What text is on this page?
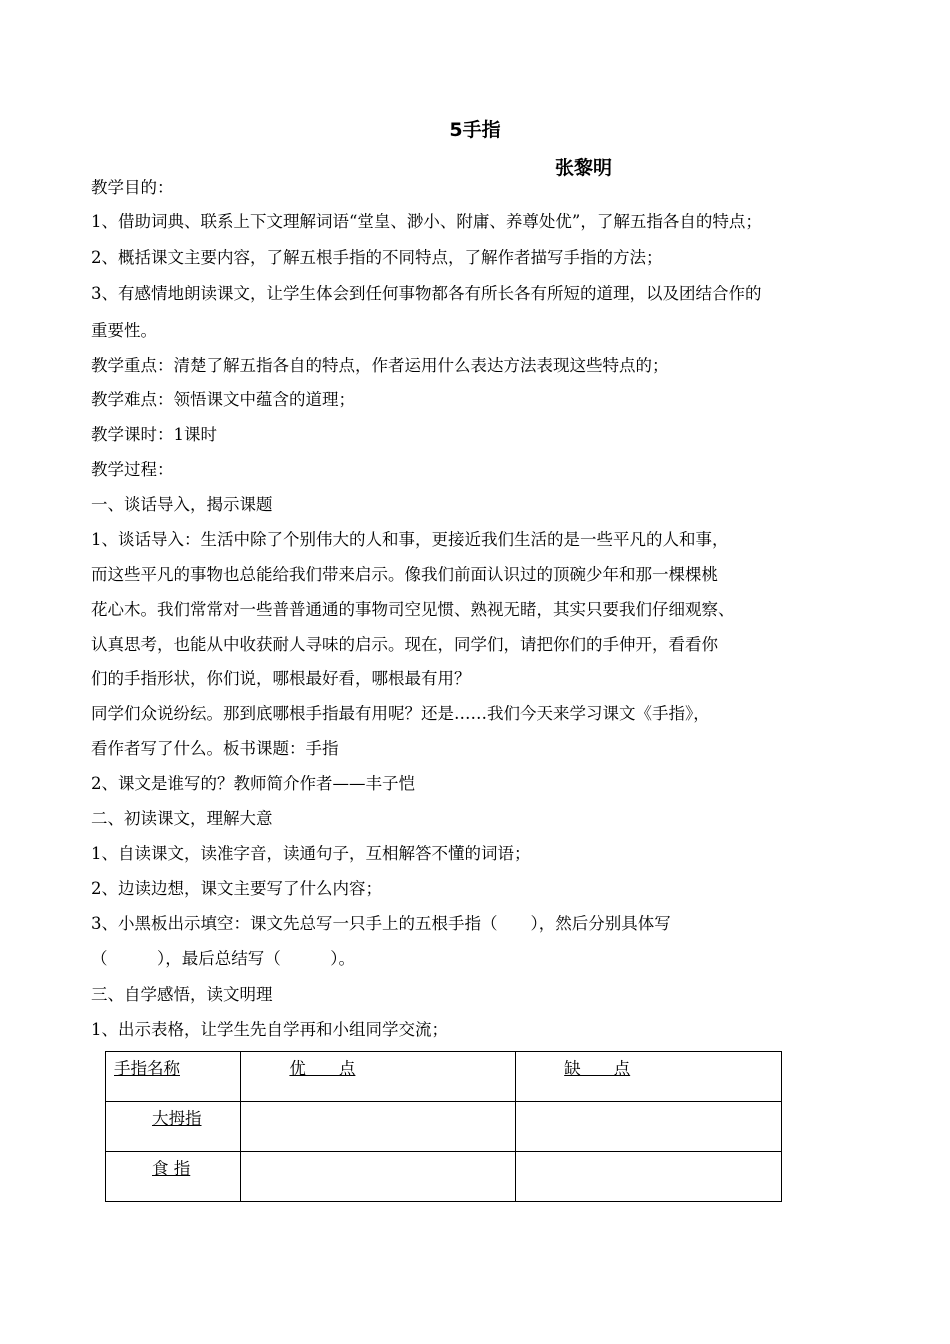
5手指
张黎明
教学目的：
1、借助词典、联系上下文理解词语“堂皇、渺小、附庸、养尊处优”，了解五指各自的特点；
2、概括课文主要内容，了解五根手指的不同特点，了解作者描写手指的方法；
3、有感情地朗读课文，让学生体会到任何事物都各有所长各有所短的道理，以及团结合作的
重要性。
教学重点：清楚了解五指各自的特点，作者运用什么表达方法表现这些特点的；
教学难点：领悟课文中蕴含的道理；
教学课时：1课时
教学过程：
一、谈话导入，揭示课题
1、谈话导入：生活中除了个别伟大的人和事，更接近我们生活的是一些平凡的人和事，
而这些平凡的事物也总能给我们带来启示。像我们前面认识过的顶碗少年和那一棵棵桃
花心木。我们常常对一些普普通通的事物司空见惯、熟视无睹，其实只要我们仔细观察、
认真思考，也能从中收获耐人寻味的启示。现在，同学们，请把你们的手伸开，看看你
们的手指形状，你们说，哪根最好看，哪根最有用？
同学们众说纷纭。那到底哪根手指最有用呢？还是……我们今天来学习课文《手指》，
看作者写了什么。板书课题：手指
2、课文是谁写的？教师简介作者——丰子恺
二、初读课文，理解大意
1、自读课文，读准字音，读通句子，互相解答不懂的词语；
2、边读边想，课文主要写了什么内容；
3、小黑板出示填空：课文先总写一只手上的五根手指（　　），然后分别具体写
（　　　），最后总结写（　　　）。
三、自学感悟，读文明理
1、出示表格，让学生先自学再和小组同学交流；
手指名称	优　　点	缺　　点
大拇指		
食 指		
